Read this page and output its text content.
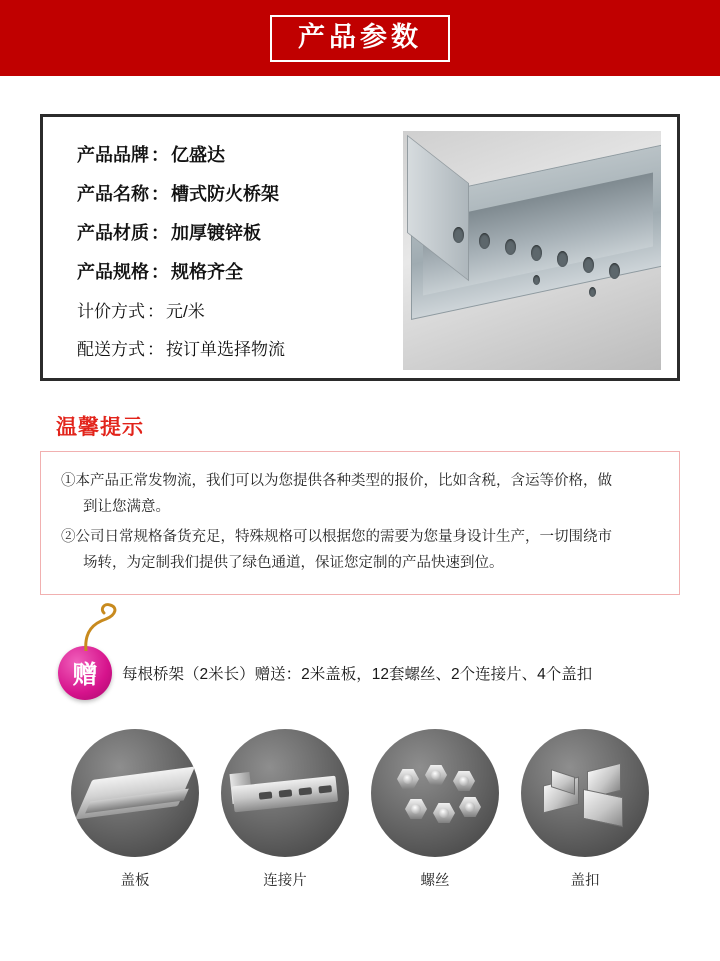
产品参数
产品品牌 ： 亿盛达
产品名称 ： 槽式防火桥架
产品材质 ： 加厚镀锌板
产品规格 ： 规格齐全
计价方式 ： 元/米
配送方式 ： 按订单选择物流
温馨提示
①本产品正常发物流，我们可以为您提供各种类型的报价，比如含税，含运等价格，做
到让您满意。
②公司日常规格备货充足，特殊规格可以根据您的需要为您量身设计生产，一切围绕市
场转，为定制我们提供了绿色通道，保证您定制的产品快速到位。
赠	每根桥架（2米长）赠送：2米盖板，12套螺丝、2个连接片、4个盖扣
盖板	连接片	螺丝	盖扣
